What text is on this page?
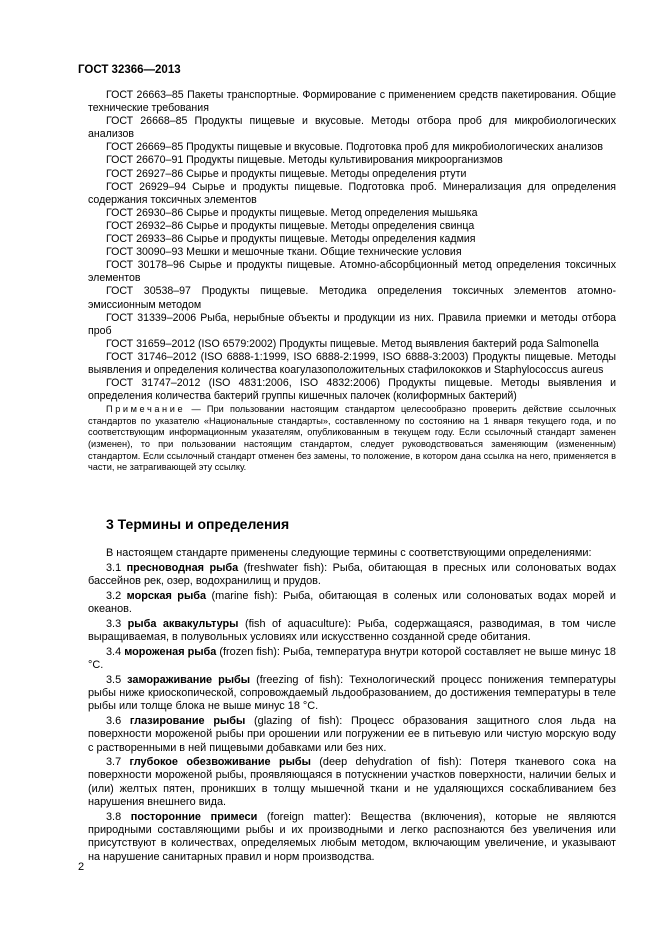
ГОСТ 32366—2013

ГОСТ 26663–85 Пакеты транспортные. Формирование с применением средств пакетирования. Общие технические требования

ГОСТ 26668–85 Продукты пищевые и вкусовые. Методы отбора проб для микробиологических анализов

ГОСТ 26669–85 Продукты пищевые и вкусовые. Подготовка проб для микробиологических анализов

ГОСТ 26670–91 Продукты пищевые. Методы культивирования микроорганизмов

ГОСТ 26927–86 Сырье и продукты пищевые. Методы определения ртути

ГОСТ 26929–94 Сырье и продукты пищевые. Подготовка проб. Минерализация для определения содержания токсичных элементов

ГОСТ 26930–86 Сырье и продукты пищевые. Метод определения мышьяка

ГОСТ 26932–86 Сырье и продукты пищевые. Методы определения свинца

ГОСТ 26933–86 Сырье и продукты пищевые. Методы определения кадмия

ГОСТ 30090–93 Мешки и мешочные ткани. Общие технические условия

ГОСТ 30178–96 Сырье и продукты пищевые. Атомно-абсорбционный метод определения токсичных элементов

ГОСТ 30538–97 Продукты пищевые. Методика определения токсичных элементов атомно-эмиссионным методом

ГОСТ 31339–2006 Рыба, нерыбные объекты и продукции из них. Правила приемки и методы отбора проб

ГОСТ 31659–2012 (ISO 6579:2002) Продукты пищевые. Метод выявления бактерий рода Salmonella

ГОСТ 31746–2012 (ISO 6888-1:1999, ISO 6888-2:1999, ISO 6888-3:2003) Продукты пищевые. Методы выявления и определения количества коагулазоположительных стафилококков и Staphylococcus aureus

ГОСТ 31747–2012 (ISO 4831:2006, ISO 4832:2006) Продукты пищевые. Методы выявления и определения количества бактерий группы кишечных палочек (колиформных бактерий)

Примечание — При пользовании настоящим стандартом целесообразно проверить действие ссылочных стандартов по указателю «Национальные стандарты», составленному по состоянию на 1 января текущего года, и по соответствующим информационным указателям, опубликованным в текущем году. Если ссылочный стандарт заменен (изменен), то при пользовании настоящим стандартом, следует руководствоваться заменяющим (измененным) стандартом. Если ссылочный стандарт отменен без замены, то положение, в котором дана ссылка на него, применяется в части, не затрагивающей эту ссылку.

3 Термины и определения

В настоящем стандарте применены следующие термины с соответствующими определениями:

3.1 пресноводная рыба (freshwater fish): Рыба, обитающая в пресных или солоноватых водах бассейнов рек, озер, водохранилищ и прудов.

3.2 морская рыба (marine fish): Рыба, обитающая в соленых или солоноватых водах морей и океанов.

3.3 рыба аквакультуры (fish of aquaculture): Рыба, содержащаяся, разводимая, в том числе выращиваемая, в полувольных условиях или искусственно созданной среде обитания.

3.4 мороженая рыба (frozen fish): Рыба, температура внутри которой составляет не выше минус 18 °С.

3.5 замораживание рыбы (freezing of fish): Технологический процесс понижения температуры рыбы ниже криоскопической, сопровождаемый льдообразованием, до достижения температуры в теле рыбы или толще блока не выше минус 18 °С.

3.6 глазирование рыбы (glazing of fish): Процесс образования защитного слоя льда на поверхности мороженой рыбы при орошении или погружении ее в питьевую или чистую морскую воду с растворенными в ней пищевыми добавками или без них.

3.7 глубокое обезвоживание рыбы (deep dehydration of fish): Потеря тканевого сока на поверхности мороженой рыбы, проявляющаяся в потускнении участков поверхности, наличии белых и (или) желтых пятен, проникших в толщу мышечной ткани и не удаляющихся соскабливанием без нарушения внешнего вида.

3.8 посторонние примеси (foreign matter): Вещества (включения), которые не являются природными составляющими рыбы и их производными и легко распознаются без увеличения или присутствуют в количествах, определяемых любым методом, включающим увеличение, и указывают на нарушение санитарных правил и норм производства.

2
